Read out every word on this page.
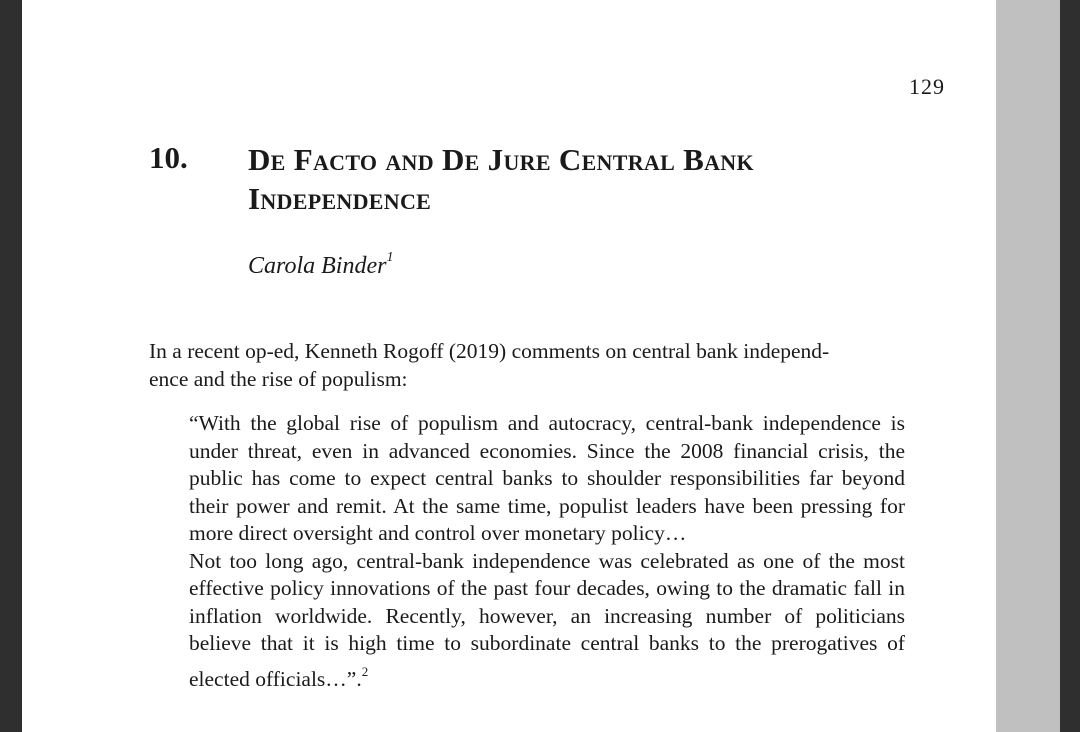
129
10. De Facto and De Jure Central Bank
Independence
Carola Binder$^1$
In a recent op-ed, Kenneth Rogoff (2019) comments on central bank independ-
ence and the rise of populism:

“With the global rise of populism and autocracy, central-bank independence is under threat, even in advanced economies. Since the 2008 financial crisis, the public has come to expect central banks to shoulder responsibilities far beyond their power and remit. At the same time, populist leaders have been pressing for more direct oversight and control over monetary policy…

Not too long ago, central-bank independence was celebrated as one of the most effective policy innovations of the past four decades, owing to the dramatic fall in inflation worldwide. Recently, however, an increasing number of politicians believe that it is high time to subordinate central banks to the prerogatives of elected officials…”.$^2$
